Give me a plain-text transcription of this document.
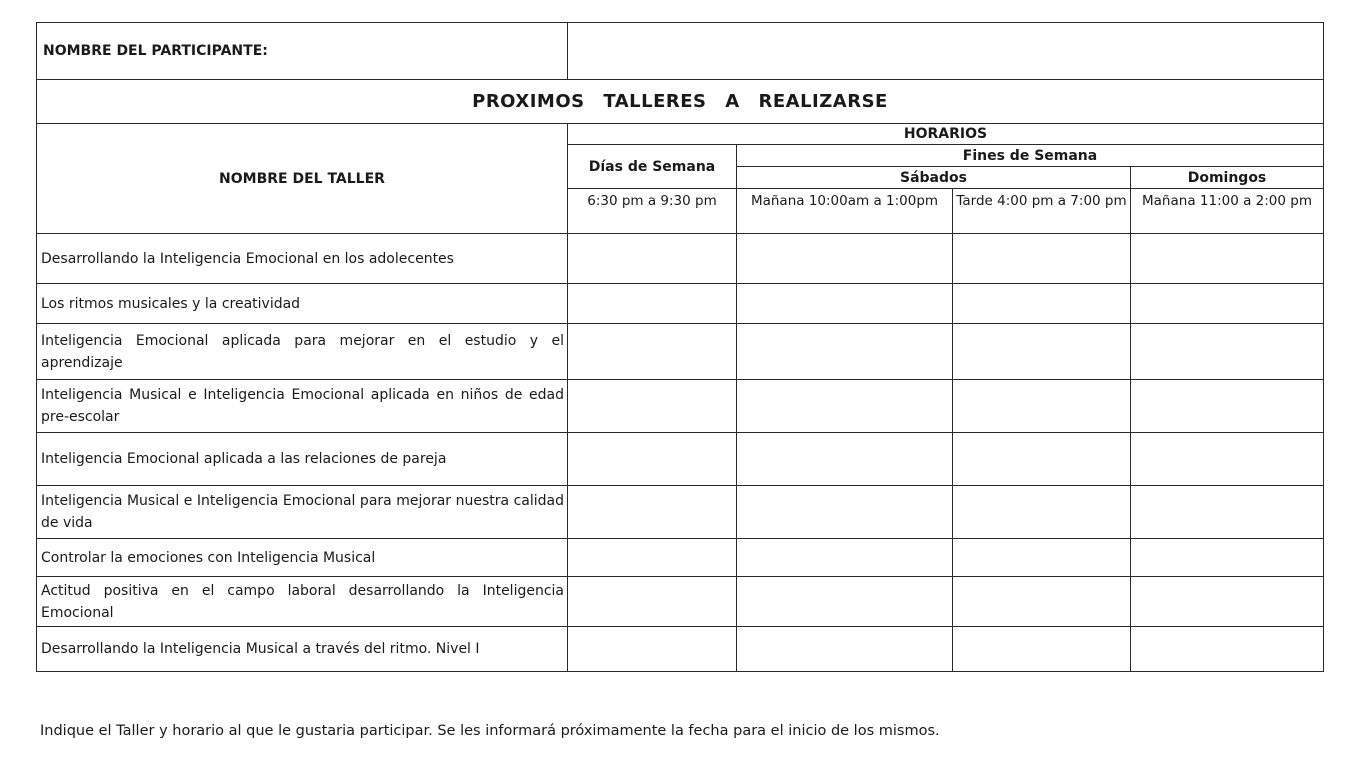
NOMBRE DEL PARTICIPANTE:				
PROXIMOS TALLERES A REALIZARSE				
NOMBRE DEL TALLER	HORARIOS			
	Días de Semana	Fines de Semana		
		Sábados		Domingos
	6:30 pm a 9:30 pm	Mañana 10:00am a 1:00pm	Tarde 4:00 pm a 7:00 pm	Mañana 11:00 a 2:00 pm
Desarrollando la Inteligencia Emocional en los adolecentes				
Los ritmos musicales y la creatividad				
Inteligencia Emocional aplicada para mejorar en el estudio y el aprendizaje				
Inteligencia Musical e Inteligencia Emocional aplicada en niños de edad pre-escolar				
Inteligencia Emocional aplicada a las relaciones de pareja				
Inteligencia Musical e Inteligencia Emocional para mejorar nuestra calidad de vida				
Controlar la emociones con Inteligencia Musical				
Actitud positiva en el campo laboral desarrollando la Inteligencia Emocional				
Desarrollando la Inteligencia Musical a través del ritmo. Nivel I				
Indique el Taller y horario al que le gustaria participar. Se les informará próximamente la fecha para el inicio de los mismos.
